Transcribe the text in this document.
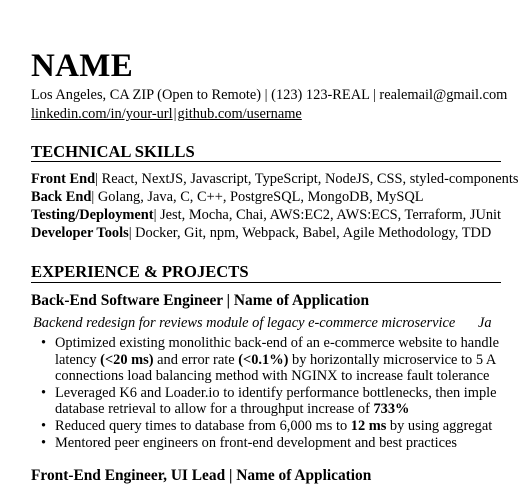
NAME
Los Angeles, CA ZIP (Open to Remote) | (123) 123-REAL | realemail@gmail.com
linkedin.com/in/your-url|github.com/username
TECHNICAL SKILLS
Front End| React, NextJS, Javascript, TypeScript, NodeJS, CSS, styled-components
Back End| Golang, Java, C, C++, PostgreSQL, MongoDB, MySQL
Testing/Deployment| Jest, Mocha, Chai, AWS:EC2, AWS:ECS, Terraform, JUnit
Developer Tools| Docker, Git, npm, Webpack, Babel, Agile Methodology, TDD
EXPERIENCE & PROJECTS
Back-End Software Engineer | Name of Application
Backend redesign for reviews module of legacy e-commerce microservice Ja
• Optimized existing monolithic back-end of an e-commerce website to handle
latency (<20 ms) and error rate (<0.1%) by horizontally microservice to 5 A
connections load balancing method with NGINX to increase fault tolerance
• Leveraged K6 and Loader.io to identify performance bottlenecks, then imple
database retrieval to allow for a throughput increase of 733%
• Reduced query times to database from 6,000 ms to 12 ms by using aggregat
• Mentored peer engineers on front-end development and best practices
Front-End Engineer, UI Lead | Name of Application
